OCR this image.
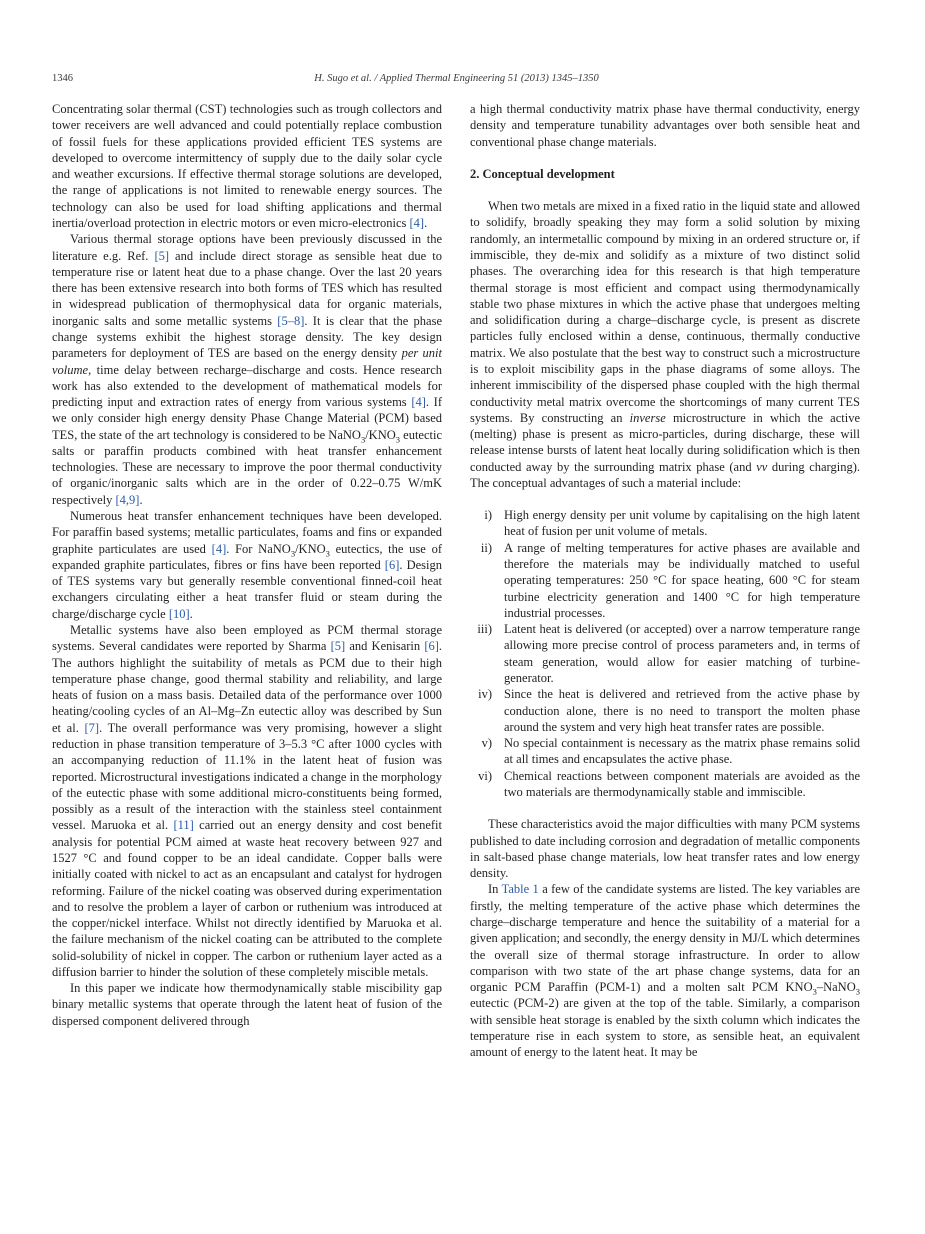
1346	H. Sugo et al. / Applied Thermal Engineering 51 (2013) 1345–1350

Concentrating solar thermal (CST) technologies such as trough collectors and tower receivers are well advanced and could potentially replace combustion of fossil fuels for these applications provided efficient TES systems are developed to overcome intermittency of supply due to the daily solar cycle and weather excursions. If effective thermal storage solutions are developed, the range of applications is not limited to renewable energy sources. The technology can also be used for load shifting applications and thermal inertia/overload protection in electric motors or even micro-electronics [4].

Various thermal storage options have been previously discussed in the literature e.g. Ref. [5] and include direct storage as sensible heat due to temperature rise or latent heat due to a phase change. Over the last 20 years there has been extensive research into both forms of TES which has resulted in widespread publication of thermophysical data for organic materials, inorganic salts and some metallic systems [5–8]. It is clear that the phase change systems exhibit the highest storage density. The key design parameters for deployment of TES are based on the energy density per unit volume, time delay between recharge–discharge and costs. Hence research work has also extended to the development of mathematical models for predicting input and extraction rates of energy from various systems [4]. If we only consider high energy density Phase Change Material (PCM) based TES, the state of the art technology is considered to be $NaNO_3/KNO_3$ eutectic salts or paraffin products combined with heat transfer enhancement technologies. These are necessary to improve the poor thermal conductivity of organic/inorganic salts which are in the order of 0.22–0.75 W/mK respectively [4,9].

Numerous heat transfer enhancement techniques have been developed. For paraffin based systems; metallic particulates, foams and fins or expanded graphite particulates are used [4]. For $NaNO_3/KNO_3$ eutectics, the use of expanded graphite particulates, fibres or fins have been reported [6]. Design of TES systems vary but generally resemble conventional finned-coil heat exchangers circulating either a heat transfer fluid or steam during the charge/discharge cycle [10].

Metallic systems have also been employed as PCM thermal storage systems. Several candidates were reported by Sharma [5] and Kenisarin [6]. The authors highlight the suitability of metals as PCM due to their high temperature phase change, good thermal stability and reliability, and large heats of fusion on a mass basis. Detailed data of the performance over 1000 heating/cooling cycles of an Al–Mg–Zn eutectic alloy was described by Sun et al. [7]. The overall performance was very promising, however a slight reduction in phase transition temperature of 3–5.3 °C after 1000 cycles with an accompanying reduction of 11.1% in the latent heat of fusion was reported. Microstructural investigations indicated a change in the morphology of the eutectic phase with some additional micro-constituents being formed, possibly as a result of the interaction with the stainless steel containment vessel. Maruoka et al. [11] carried out an energy density and cost benefit analysis for potential PCM aimed at waste heat recovery between 927 and 1527 °C and found copper to be an ideal candidate. Copper balls were initially coated with nickel to act as an encapsulant and catalyst for hydrogen reforming. Failure of the nickel coating was observed during experimentation and to resolve the problem a layer of carbon or ruthenium was introduced at the copper/nickel interface. Whilst not directly identified by Maruoka et al. the failure mechanism of the nickel coating can be attributed to the complete solid-solubility of nickel in copper. The carbon or ruthenium layer acted as a diffusion barrier to hinder the solution of these completely miscible metals.

In this paper we indicate how thermodynamically stable miscibility gap binary metallic systems that operate through the latent heat of fusion of the dispersed component delivered through

a high thermal conductivity matrix phase have thermal conductivity, energy density and temperature tunability advantages over both sensible heat and conventional phase change materials.

2. Conceptual development

When two metals are mixed in a fixed ratio in the liquid state and allowed to solidify, broadly speaking they may form a solid solution by mixing randomly, an intermetallic compound by mixing in an ordered structure or, if immiscible, they de-mix and solidify as a mixture of two distinct solid phases. The overarching idea for this research is that high temperature thermal storage is most efficient and compact using thermodynamically stable two phase mixtures in which the active phase that undergoes melting and solidification during a charge–discharge cycle, is present as discrete particles fully enclosed within a dense, continuous, thermally conductive matrix. We also postulate that the best way to construct such a microstructure is to exploit miscibility gaps in the phase diagrams of some alloys. The inherent immiscibility of the dispersed phase coupled with the high thermal conductivity metal matrix overcome the shortcomings of many current TES systems. By constructing an inverse microstructure in which the active (melting) phase is present as micro-particles, during discharge, these will release intense bursts of latent heat locally during solidification which is then conducted away by the surrounding matrix phase (and vv during charging). The conceptual advantages of such a material include:

i) High energy density per unit volume by capitalising on the high latent heat of fusion per unit volume of metals.
ii) A range of melting temperatures for active phases are available and therefore the materials may be individually matched to useful operating temperatures: 250 °C for space heating, 600 °C for steam turbine electricity generation and 1400 °C for high temperature industrial processes.
iii) Latent heat is delivered (or accepted) over a narrow temperature range allowing more precise control of process parameters and, in terms of steam generation, would allow for easier matching of turbine-generator.
iv) Since the heat is delivered and retrieved from the active phase by conduction alone, there is no need to transport the molten phase around the system and very high heat transfer rates are possible.
v) No special containment is necessary as the matrix phase remains solid at all times and encapsulates the active phase.
vi) Chemical reactions between component materials are avoided as the two materials are thermodynamically stable and immiscible.

These characteristics avoid the major difficulties with many PCM systems published to date including corrosion and degradation of metallic components in salt-based phase change materials, low heat transfer rates and low energy density.

In Table 1 a few of the candidate systems are listed. The key variables are firstly, the melting temperature of the active phase which determines the charge–discharge temperature and hence the suitability of a material for a given application; and secondly, the energy density in MJ/L which determines the overall size of thermal storage infrastructure. In order to allow comparison with two state of the art phase change systems, data for an organic PCM Paraffin (PCM-1) and a molten salt PCM $KNO_3-NaNO_3$ eutectic (PCM-2) are given at the top of the table. Similarly, a comparison with sensible heat storage is enabled by the sixth column which indicates the temperature rise in each system to store, as sensible heat, an equivalent amount of energy to the latent heat. It may be
